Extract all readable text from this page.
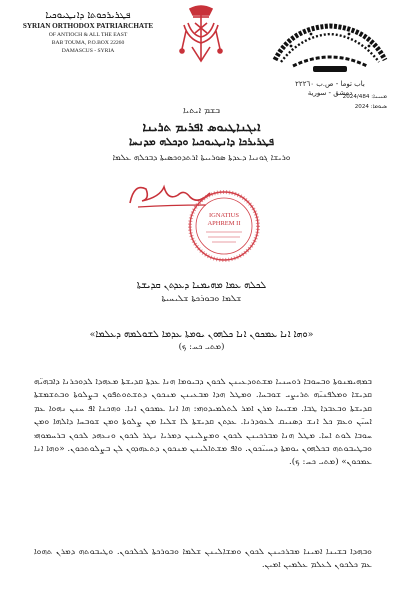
ܦܛܪܝܪܟܘܬܐ ܕܐܢܛܝܘܟܝܐ
SYRIAN ORTHODOX PATRIARCHATE
OF ANTIOCH & ALL THE EAST
BAB TOUMA, P.O.BOX 22260
DAMASCUS - SYRIA
باب توما - ص.ب ٢٢٢٦٠
دمشق - سورية
2024/484 :ܡܢܝܢܐ
2024 :ܣܝܘܡܐ
ܒܫܡ ܐܝܬܝܐ
ܐܝܓܢܐܛܝܘܣ ܐܦܪܝܡ ܬܪܝܢܐ
ܦܛܪܝܪܟܐ ܕܐܢܛܝܘܟܝܐ ܘܕܟܠܗ ܡܕܢܚܐ
ܘܪܝܫܐ ܓܘܢܝܐ ܕܥܕܬܐ ܣܘܪܝܝܬܐ ܐܪܬܕܘܟܣܝܬܐ ܕܒܟܠܗ ܥܠܡܐ
IGNATIUS
APHREM II
ܠܟܠܗ ܥܡܐ ܡܗܝܡܢܐ ܕܥܕܬܢ ܩܕܝܫܬܐ
ܫܠܡܐ ܘܒܘܪܟܬܐ ܫܠܝܚܝܬܐ
«ܘܗܐ ܐܢܐ ܥܡܟܘܢ ܐܢܐ ܟܠܗܘܢ ܝܘܡܬܐ ܥܕܡܐ ܠܫܘܠܡܗ ܕܥܠܡܐ»
(ܡܬܝ ܟܚ: ܟ)
ܒܡܗܝܡܢܘܬܐ ܘܒܚܘܒܐ ܪܘܚܢܝܐ ܡܫܬܘܕܥܝܢܢ ܠܟܘܢ ܕܒܝܘܡܐ ܗܢܐ ܥܕܬܐ ܩܕܝܫܬܐ ܡܥܗܕܐ ܠܕܘܟܪܢܐ ܕܐܒܗܝ̈ܗ ܩܕܝܫܐ ܘܡܠܦܢܝ̈ܗ ܬܪܝܨܝ ܫܘܒܚܐ. ܘܡܛܠ ܗܕܐ ܡܒܥܝܢܢ ܡܢܟܘܢ ܕܬܫܬܘܬܦܘܢ ܒܨܠܘܬܐ ܘܒܬܫܡܫܬܐ ܩܕܝܫܬܐ ܘܒܥܒܕܐ ܛܒܐ. ܡܫܝܚܐ ܡܪܢ ܐܡܪ ܠܬܠܡܝܕܘܗܝ: ܗܐ ܐܢܐ ܥܡܟܘܢ ܐܢܐ. ܘܗܟܢܐ ܐܦ ܚܢܢ ܢܗܘܐ ܥܡ ܐܚܝ̈ܢ ܘܥܡ ܟܠ ܐܢܫ ܕܣܢܝܩ ܠܥܘܕܪܢܐ. ܥܕܬܢ ܩܕܝܫܬܐ ܠܐ ܫܠܝܐ ܡܢ ܨܠܘܬܐ ܘܡܢ ܫܘܒܚܐ ܕܐܠܗܐ ܘܡܢ ܚܘܒܐ ܠܘܬ ܐܚܐ. ܡܛܠ ܗܢܐ ܡܒܪܟܝܢܢ ܠܟܘܢ ܘܡܨܠܝܢܢ ܕܡܪܝܐ ܢܛܪ ܠܟܘܢ ܘܢܥܗܕ ܠܟܘܢ ܒܪܚܡܘܗܝ ܘܒܛܝܒܘܬܗ ܒܟܠܗܘܢ ܝܘܡܬܐ ܕܚܝܝ̈ܟܘܢ. ܘܐܦ ܡܫܬܐܠܝܢܢ ܡܢܟܘܢ ܕܬܥܗܕܘܢ ܠܢ ܒܨܠܘܬܟܘܢ. «ܘܗܐ ܐܢܐ ܥܡܟܘܢ» (ܡܬܝ ܟܚ: ܟ).
ܘܒܗܕܐ ܒܫܝܢܐ ܐܡܝܢܐ ܡܒܪܟܝܢܢ ܠܟܘܢ ܘܡܫܐܠܝܢܢ ܫܠܡܐ ܘܒܘܪܟܬܐ ܠܟܠܟܘܢ. ܘܛܝܒܘܬܗ ܕܡܪܢ ܬܗܘܐ ܥܡ ܟܠܟܘܢ ܠܥܠܡ ܥܠܡܝܢ ܐܡܝܢ.
